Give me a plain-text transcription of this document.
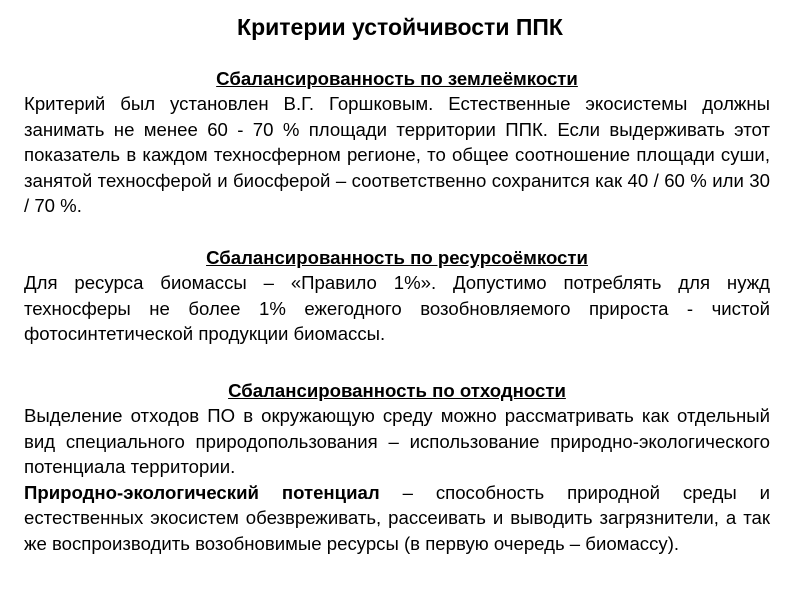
Критерии устойчивости ППК
Сбалансированность по землеёмкости
Критерий был установлен В.Г. Горшковым. Естественные экосистемы должны занимать не менее 60 - 70 % площади территории ППК. Если выдерживать этот показатель в каждом техносферном регионе, то общее соотношение площади суши, занятой техносферой и биосферой – соответственно сохранится как 40 / 60 % или 30 / 70 %.
Сбалансированность по ресурсоёмкости
Для ресурса биомассы – «Правило 1%». Допустимо потреблять для нужд техносферы не более 1% ежегодного возобновляемого прироста - чистой фотосинтетической продукции биомассы.
Сбалансированность по отходности
Выделение отходов ПО в окружающую среду можно рассматривать как отдельный вид специального природопользования – использование природно-экологического потенциала территории.
Природно-экологический потенциал – способность природной среды и естественных экосистем обезвреживать, рассеивать и выводить загрязнители, а так же воспроизводить возобновимые ресурсы (в первую очередь – биомассу).
